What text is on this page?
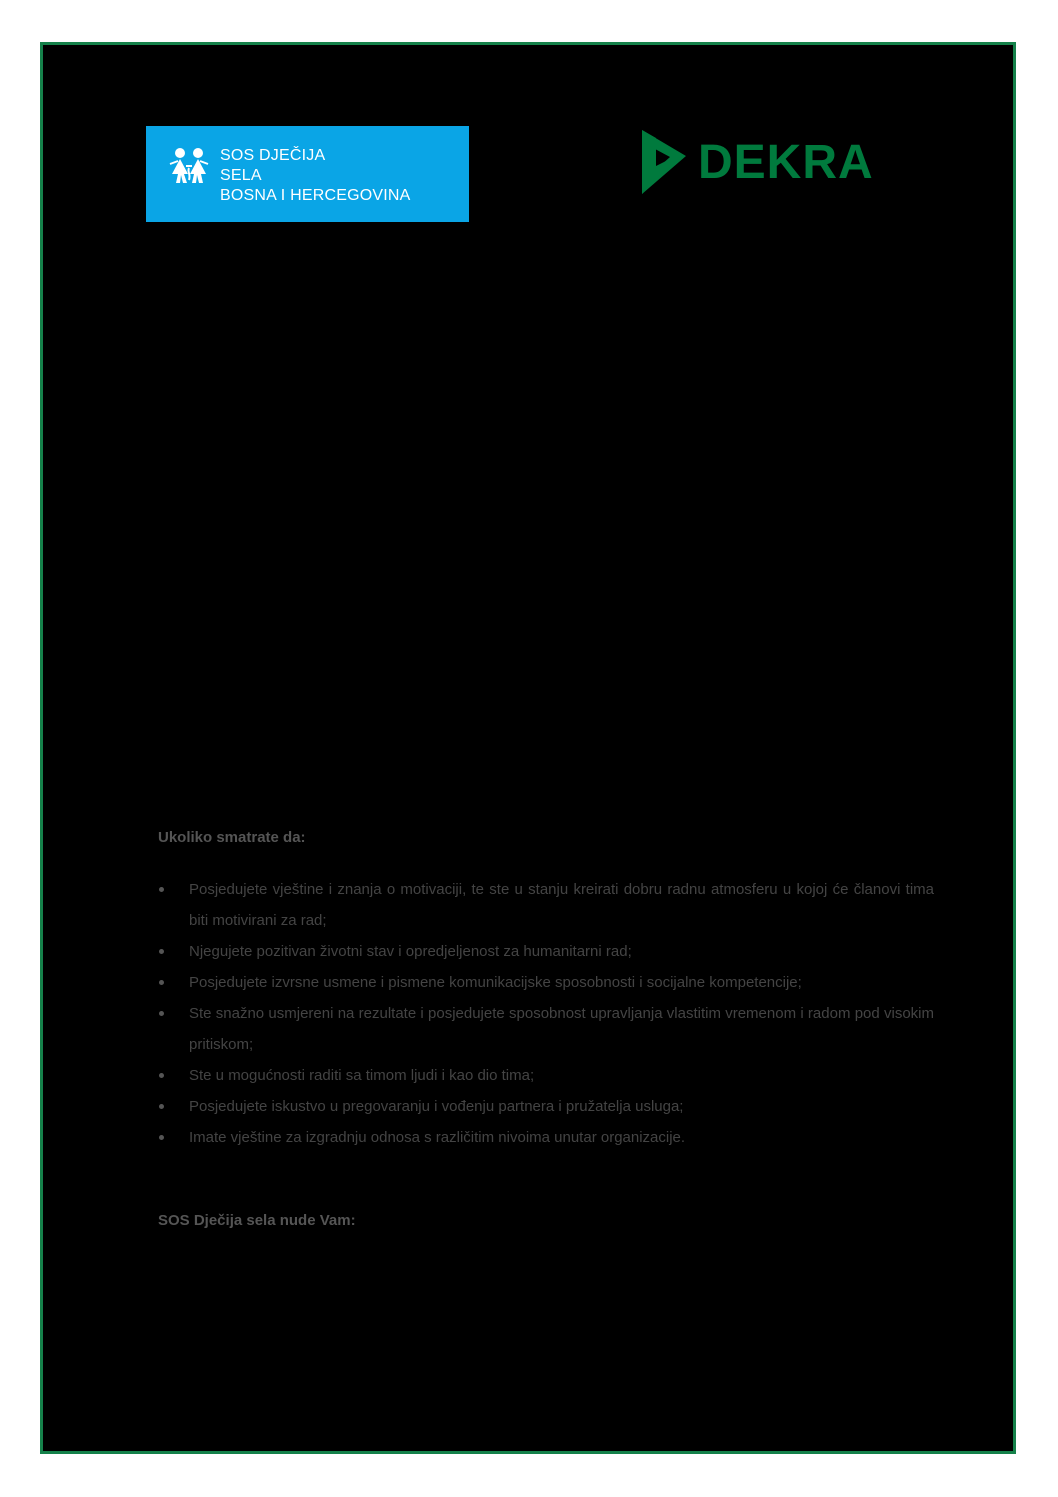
SOS DJEČIJA
SELA
BOSNA I HERCEGOVINA
DEKRA
Ukoliko smatrate da:
Posjedujete vještine i znanja o motivaciji, te ste u stanju kreirati dobru radnu atmosferu u kojoj će članovi tima biti motivirani za rad;
Njegujete pozitivan životni stav i opredjeljenost za humanitarni rad;
Posjedujete izvrsne usmene i pismene komunikacijske sposobnosti i socijalne kompetencije;
Ste snažno usmjereni na rezultate i posjedujete sposobnost upravljanja vlastitim vremenom i radom pod visokim pritiskom;
Ste u mogućnosti raditi sa timom ljudi i kao dio tima;
Posjedujete iskustvo u pregovaranju i vođenju partnera i pružatelja usluga;
Imate vještine za izgradnju odnosa s različitim nivoima unutar organizacije.
SOS Dječija sela nude Vam:
